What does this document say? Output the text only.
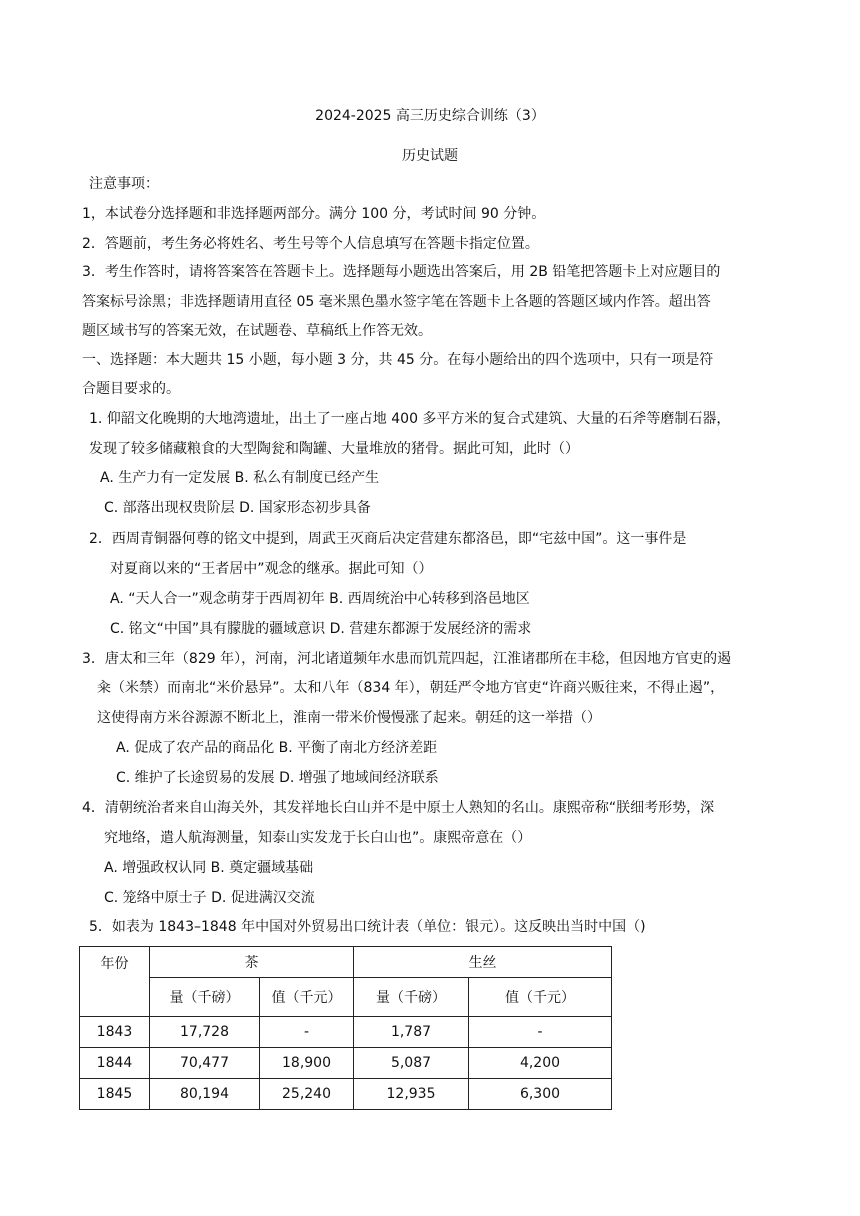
2024-2025 高三历史综合训练（3）
历史试题
注意事项：
1，本试卷分选择题和非选择题两部分。满分 100 分，考试时间 90 分钟。
2．答题前，考生务必将姓名、考生号等个人信息填写在答题卡指定位置。
3．考生作答时，请将答案答在答题卡上。选择题每小题选出答案后，用 2B 铅笔把答题卡上对应题目的
答案标号涂黑；非选择题请用直径 05 毫米黑色墨水签字笔在答题卡上各题的答题区域内作答。超出答
题区域书写的答案无效，在试题卷、草稿纸上作答无效。
一、选择题：本大题共 15 小题，每小题 3 分，共 45 分。在每小题给出的四个选项中，只有一项是符
合题目要求的。
1. 仰韶文化晚期的大地湾遗址，出土了一座占地 400 多平方米的复合式建筑、大量的石斧等磨制石器，
发现了较多储藏粮食的大型陶瓮和陶罐、大量堆放的猪骨。据此可知，此时（）
A. 生产力有一定发展 B. 私么有制度已经产生
C. 部落出现权贵阶层 D. 国家形态初步具备
2．西周青铜器何尊的铭文中提到，周武王灭商后决定营建东都洛邑，即“宅兹中国”。这一事件是
对夏商以来的“王者居中”观念的继承。据此可知（）
A. “天人合一”观念萌芽于西周初年 B. 西周统治中心转移到洛邑地区
C. 铭文“中国”具有朦胧的疆域意识 D. 营建东都源于发展经济的需求
3．唐太和三年（829 年），河南，河北诸道频年水患而饥荒四起，江淮诸郡所在丰稔，但因地方官吏的遏
籴（米禁）而南北“米价悬异”。太和八年（834 年），朝廷严令地方官吏“许商兴贩往来，不得止遏”，
这使得南方米谷源源不断北上，淮南一带米价慢慢涨了起来。朝廷的这一举措（）
A. 促成了农产品的商品化 B. 平衡了南北方经济差距
C. 维护了长途贸易的发展 D. 增强了地域间经济联系
4．清朝统治者来自山海关外，其发祥地长白山并不是中原士人熟知的名山。康熙帝称“朕细考形势，深
究地络，遣人航海测量，知泰山实发龙于长白山也”。康熙帝意在（）
A. 增强政权认同 B. 奠定疆域基础
C. 笼络中原士子 D. 促进满汉交流
5．如表为 1843–1848 年中国对外贸易出口统计表（单位：银元）。这反映出当时中国（)
年份	茶		生丝	
	量（千磅）	值（千元）	量（千磅）	值（千元）
1843	17,728	-	1,787	-
1844	70,477	18,900	5,087	4,200
1845	80,194	25,240	12,935	6,300
